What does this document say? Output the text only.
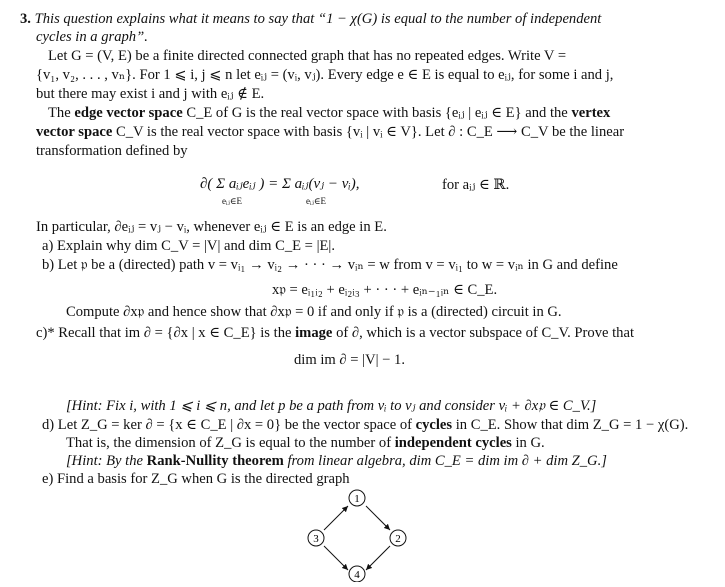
3. This question explains what it means to say that “1 − χ(G) is equal to the number of independent
cycles in a graph”.
Let G = (V, E) be a finite directed connected graph that has no repeated edges. Write V =
{v₁, v₂, . . . , vₙ}. For 1 ⩽ i, j ⩽ n let eᵢⱼ = (vᵢ, vⱼ). Every edge e ∈ E is equal to eᵢⱼ, for some i and j,
but there may exist i and j with eᵢⱼ ∉ E.
The edge vector space C_E of G is the real vector space with basis {eᵢⱼ | eᵢⱼ ∈ E} and the vertex
vector space C_V is the real vector space with basis {vᵢ | vᵢ ∈ V}. Let ∂ : C_E ⟶ C_V be the linear
transformation defined by
∂( Σ aᵢⱼeᵢⱼ ) = Σ aᵢⱼ(vⱼ − vᵢ),
eᵢⱼ∈E	eᵢⱼ∈E
for aᵢⱼ ∈ ℝ.
In particular, ∂eᵢⱼ = vⱼ − vᵢ, whenever eᵢⱼ ∈ E is an edge in E.
a) Explain why dim C_V = |V| and dim C_E = |E|.
b) Let 𝔭 be a (directed) path v = vᵢ₁ → vᵢ₂ → · · · → vᵢₙ = w from v = vᵢ₁ to w = vᵢₙ in G and define
x𝔭 = eᵢ₁ᵢ₂ + eᵢ₂ᵢ₃ + · · · + eᵢₙ₋₁ᵢₙ ∈ C_E.
Compute ∂x𝔭 and hence show that ∂x𝔭 = 0 if and only if 𝔭 is a (directed) circuit in G.
c)* Recall that im ∂ = {∂x | x ∈ C_E} is the image of ∂, which is a vector subspace of C_V. Prove that
dim im ∂ = |V| − 1.
[Hint: Fix i, with 1 ⩽ i ⩽ n, and let p be a path from vᵢ to vⱼ and consider vᵢ + ∂x𝔭 ∈ C_V.]
d) Let Z_G = ker ∂ = {x ∈ C_E | ∂x = 0} be the vector space of cycles in C_E. Show that dim Z_G = 1 − χ(G).
That is, the dimension of Z_G is equal to the number of independent cycles in G.
[Hint: By the Rank-Nullity theorem from linear algebra, dim C_E = dim im ∂ + dim Z_G.]
e) Find a basis for Z_G when G is the directed graph
1
2
3
4
